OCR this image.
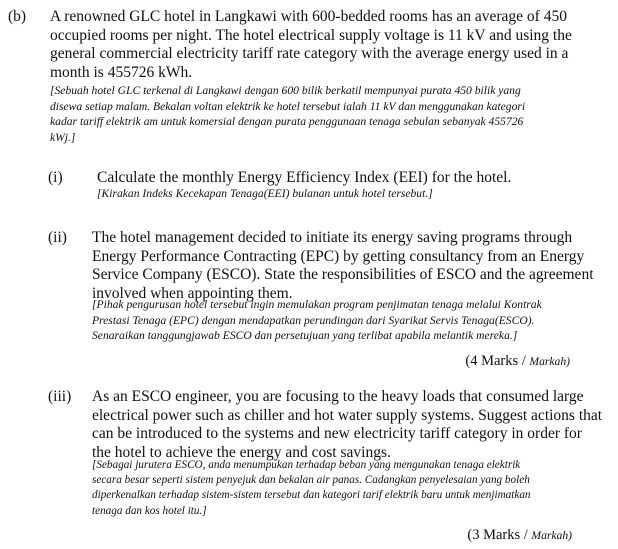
(b) A renowned GLC hotel in Langkawi with 600-bedded rooms has an average of 450
occupied rooms per night. The hotel electrical supply voltage is 11 kV and using the
general commercial electricity tariff rate category with the average energy used in a
month is 455726 kWh.
[Sebuah hotel GLC terkenal di Langkawi dengan 600 bilik berkatil mempunyai purata 450 bilik yang
disewa setiap malam. Bekalan voltan elektrik ke hotel tersebut ialah 11 kV dan menggunakan kategori
kadar tariff elektrik am untuk komersial dengan purata penggunaan tenaga sebulan sebanyak 455726
kWj.]
(i) Calculate the monthly Energy Efficiency Index (EEI) for the hotel.
[Kirakan Indeks Kecekapan Tenaga(EEI) bulanan untuk hotel tersebut.]
(ii) The hotel management decided to initiate its energy saving programs through
Energy Performance Contracting (EPC) by getting consultancy from an Energy
Service Company (ESCO). State the responsibilities of ESCO and the agreement
involved when appointing them.
[Pihak pengurusan hotel tersebut ingin memulakan program penjimatan tenaga melalui Kontrak
Prestasi Tenaga (EPC) dengan mendapatkan perundingan dari Syarikat Servis Tenaga(ESCO).
Senaraikan tanggungjawab ESCO dan persetujuan yang terlibat apabila melantik mereka.]
(4 Marks / Markah)
(iii) As an ESCO engineer, you are focusing to the heavy loads that consumed large
electrical power such as chiller and hot water supply systems. Suggest actions that
can be introduced to the systems and new electricity tariff category in order for
the hotel to achieve the energy and cost savings.
[Sebagai jurutera ESCO, anda menumpukan terhadap beban yang mengunakan tenaga elektrik
secara besar seperti sistem penyejuk dan bekalan air panas. Cadangkan penyelesaian yang boleh
diperkenalkan terhadap sistem-sistem tersebut dan kategori tarif elektrik baru untuk menjimatkan
tenaga dan kos hotel itu.]
(3 Marks / Markah)
